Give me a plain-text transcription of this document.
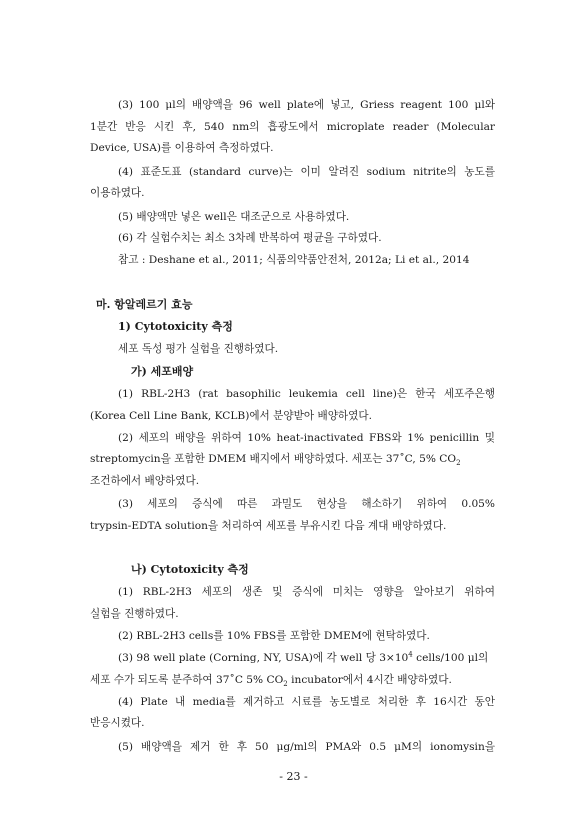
(3) 100 μl의 배양액을 96 well plate에 넣고, Griess reagent 100 μl와
1분간 반응 시킨 후, 540 nm의 흡광도에서 microplate reader (Molecular
Device, USA)를 이용하여 측정하였다.
(4) 표준도표 (standard curve)는 이미 알려진 sodium nitrite의 농도를
이용하였다.
(5) 배양액만 넣은 well은 대조군으로 사용하였다.
(6) 각 실험수치는 최소 3차례 반복하여 평균을 구하였다.
참고 : Deshane et al., 2011; 식품의약품안전처, 2012a; Li et al., 2014
마. 항알레르기 효능
1) Cytotoxicity 측정
세포 독성 평가 실험을 진행하였다.
가) 세포배양
(1) RBL-2H3 (rat basophilic leukemia cell line)은 한국 세포주은행
(Korea Cell Line Bank, KCLB)에서 분양받아 배양하였다.
(2) 세포의 배양을 위하여 10% heat-inactivated FBS와 1% penicillin 및
streptomycin을 포함한 DMEM 배지에서 배양하였다. 세포는 37˚C, 5% $CO_2$
조건하에서 배양하였다.
(3) 세포의 증식에 따른 과밀도 현상을 해소하기 위하여 0.05%
trypsin-EDTA solution을 처리하여 세포를 부유시킨 다음 계대 배양하였다.
나) Cytotoxicity 측정
(1) RBL-2H3 세포의 생존 및 증식에 미치는 영향을 알아보기 위하여
실험을 진행하였다.
(2) RBL-2H3 cells를 10% FBS를 포함한 DMEM에 현탁하였다.
(3) 98 well plate (Corning, NY, USA)에 각 well 당 $3\times 10^4$ cells/100 μl의
세포 수가 되도록 분주하여 37˚C 5% $CO_2$ incubator에서 4시간 배양하였다.
(4) Plate 내 media를 제거하고 시료를 농도별로 처리한 후 16시간 동안
반응시켰다.
(5) 배양액을 제거 한 후 50 μg/ml의 PMA와 0.5 μM의 ionomysin을
- 23 -
